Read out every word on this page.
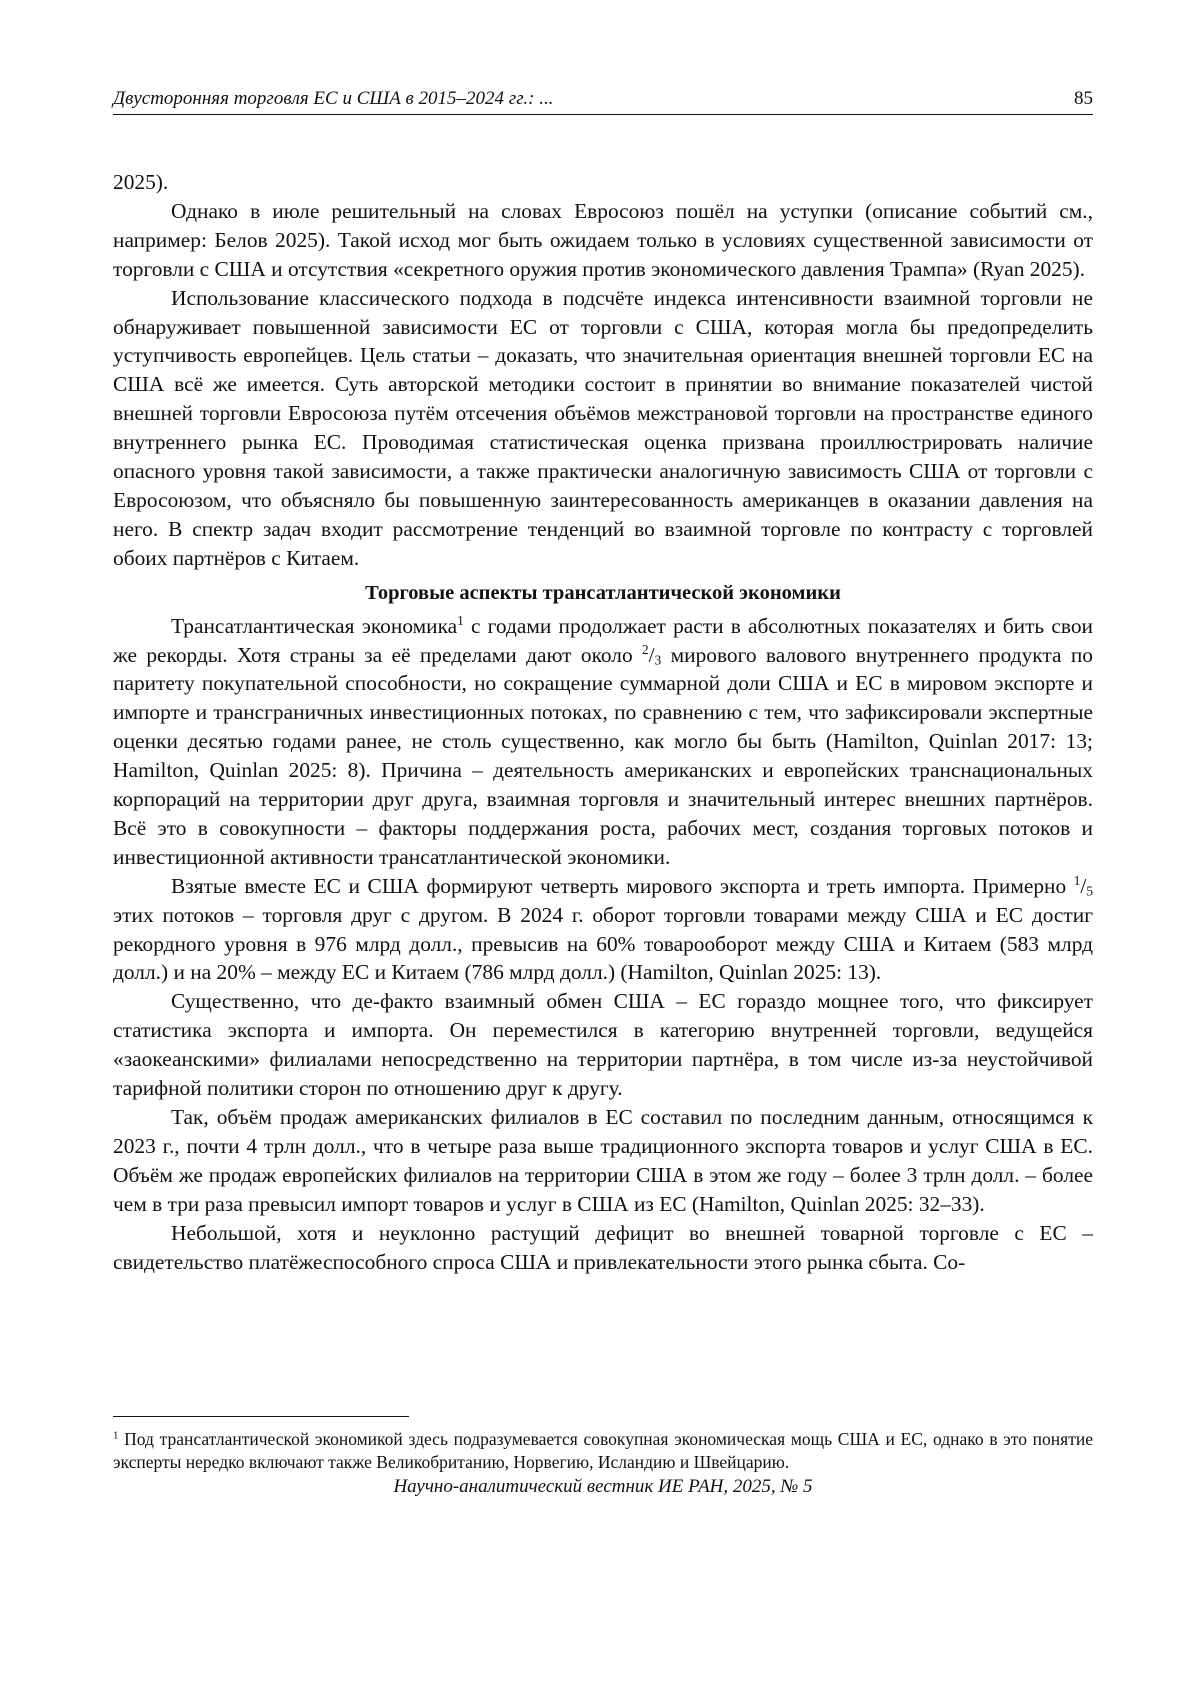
Двусторонняя торговля ЕС и США в 2015–2024 гг.: ...	85

2025).

Однако в июле решительный на словах Евросоюз пошёл на уступки (описание событий см., например: Белов 2025). Такой исход мог быть ожидаем только в условиях существенной зависимости от торговли с США и отсутствия «секретного оружия против экономического давления Трампа» (Ryan 2025).

Использование классического подхода в подсчёте индекса интенсивности взаимной торговли не обнаруживает повышенной зависимости ЕС от торговли с США, которая могла бы предопределить уступчивость европейцев. Цель статьи – доказать, что значительная ориентация внешней торговли ЕС на США всё же имеется. Суть авторской методики состоит в принятии во внимание показателей чистой внешней торговли Евросоюза путём отсечения объёмов межстрановой торговли на пространстве единого внутреннего рынка ЕС. Проводимая статистическая оценка призвана проиллюстрировать наличие опасного уровня такой зависимости, а также практически аналогичную зависимость США от торговли с Евросоюзом, что объясняло бы повышенную заинтересованность американцев в оказании давления на него. В спектр задач входит рассмотрение тенденций во взаимной торговле по контрасту с торговлей обоих партнёров с Китаем.

Торговые аспекты трансатлантической экономики

Трансатлантическая экономика$^1$ с годами продолжает расти в абсолютных показателях и бить свои же рекорды. Хотя страны за её пределами дают около $^2/_3$ мирового валового внутреннего продукта по паритету покупательной способности, но сокращение суммарной доли США и ЕС в мировом экспорте и импорте и трансграничных инвестиционных потоках, по сравнению с тем, что зафиксировали экспертные оценки десятью годами ранее, не столь существенно, как могло бы быть (Hamilton, Quinlan 2017: 13; Hamilton, Quinlan 2025: 8). Причина – деятельность американских и европейских транснациональных корпораций на территории друг друга, взаимная торговля и значительный интерес внешних партнёров. Всё это в совокупности – факторы поддержания роста, рабочих мест, создания торговых потоков и инвестиционной активности трансатлантической экономики.

Взятые вместе ЕС и США формируют четверть мирового экспорта и треть импорта. Примерно $^1/_5$ этих потоков – торговля друг с другом. В 2024 г. оборот торговли товарами между США и ЕС достиг рекордного уровня в 976 млрд долл., превысив на 60% товарооборот между США и Китаем (583 млрд долл.) и на 20% – между ЕС и Китаем (786 млрд долл.) (Hamilton, Quinlan 2025: 13).

Существенно, что де-факто взаимный обмен США – ЕС гораздо мощнее того, что фиксирует статистика экспорта и импорта. Он переместился в категорию внутренней торговли, ведущейся «заокеанскими» филиалами непосредственно на территории партнёра, в том числе из-за неустойчивой тарифной политики сторон по отношению друг к другу.

Так, объём продаж американских филиалов в ЕС составил по последним данным, относящимся к 2023 г., почти 4 трлн долл., что в четыре раза выше традиционного экспорта товаров и услуг США в ЕС. Объём же продаж европейских филиалов на территории США в этом же году – более 3 трлн долл. – более чем в три раза превысил импорт товаров и услуг в США из ЕС (Hamilton, Quinlan 2025: 32–33).

Небольшой, хотя и неуклонно растущий дефицит во внешней товарной торговле с ЕС – свидетельство платёжеспособного спроса США и привлекательности этого рынка сбыта. Со-

$^1$ Под трансатлантической экономикой здесь подразумевается совокупная экономическая мощь США и ЕС, однако в это понятие эксперты нередко включают также Великобританию, Норвегию, Исландию и Швейцарию.

Научно-аналитический вестник ИЕ РАН, 2025, № 5
